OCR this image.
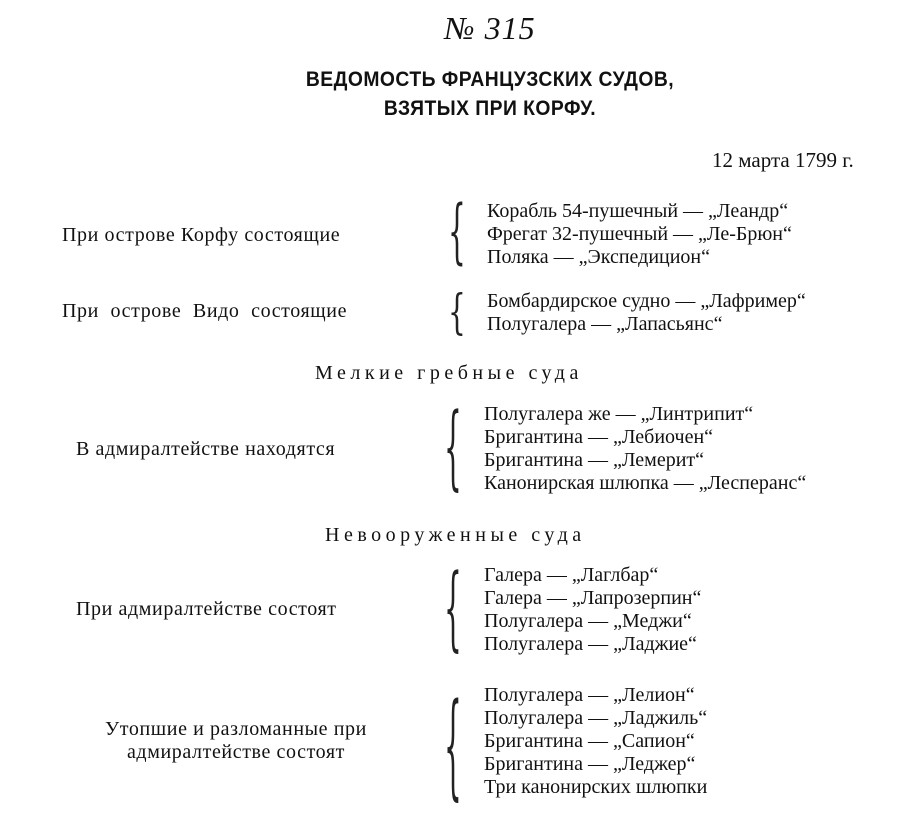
№ 315
ВЕДОМОСТЬ ФРАНЦУЗСКИХ СУДОВ,
ВЗЯТЫХ ПРИ КОРФУ.
12 марта 1799 г.
При острове Корфу состоящие	{ Корабль 54-пушечный — „Леандр“
Фрегат 32-пушечный — „Ле-Брюн“
Поляка — „Экспедицион“
При острове Видо состоящие	{ Бомбардирское судно — „Лафример“
Полугалера — „Лапасьянс“
Мелкие гребные суда
В адмиралтействе находятся	{ Полугалера же — „Линтрипит“
Бригантина — „Лебиочен“
Бригантина — „Лемерит“
Канонирская шлюпка — „Лесперанс“
Невооруженные суда
При адмиралтействе состоят	{ Галера — „Лаглбар“
Галера — „Лапрозерпин“
Полугалера — „Меджи“
Полугалера — „Ладжие“
Утопшие и разломанные при
адмиралтействе состоят	{ Полугалера — „Лелион“
Полугалера — „Ладжиль“
Бригантина — „Сапион“
Бригантина — „Леджер“
Три канонирских шлюпки
